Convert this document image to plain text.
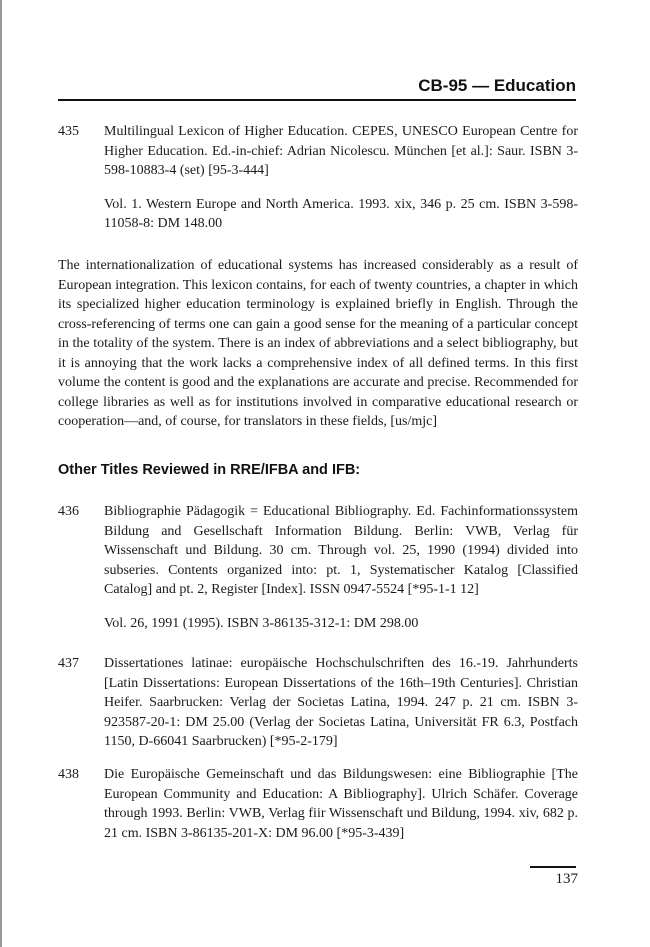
CB-95 — Education
435 Multilingual Lexicon of Higher Education. CEPES, UNESCO European Centre for Higher Education. Ed.-in-chief: Adrian Nicolescu. München [et al.]: Saur. ISBN 3-598-10883-4 (set) [95-3-444]
Vol. 1. Western Europe and North America. 1993. xix, 346 p. 25 cm. ISBN 3-598-11058-8: DM 148.00
The internationalization of educational systems has increased considerably as a result of European integration. This lexicon contains, for each of twenty countries, a chapter in which its specialized higher education terminology is explained briefly in English. Through the cross-referencing of terms one can gain a good sense for the meaning of a particular concept in the totality of the system. There is an index of abbreviations and a select bibliography, but it is annoying that the work lacks a comprehensive index of all defined terms. In this first volume the content is good and the explanations are accurate and precise. Recommended for college libraries as well as for institutions involved in comparative educational research or cooperation—and, of course, for translators in these fields, [us/mjc]
Other Titles Reviewed in RRE/IFBA and IFB:
436 Bibliographie Pädagogik = Educational Bibliography. Ed. Fachinformationssystem Bildung and Gesellschaft Information Bildung. Berlin: VWB, Verlag für Wissenschaft und Bildung. 30 cm. Through vol. 25, 1990 (1994) divided into subseries. Contents organized into: pt. 1, Systematischer Katalog [Classified Catalog] and pt. 2, Register [Index]. ISSN 0947-5524 [*95-1-1 12]
Vol. 26, 1991 (1995). ISBN 3-86135-312-1: DM 298.00
437 Dissertationes latinae: europäische Hochschulschriften des 16.-19. Jahrhunderts [Latin Dissertations: European Dissertations of the 16th–19th Centuries]. Christian Heifer. Saarbrucken: Verlag der Societas Latina, 1994. 247 p. 21 cm. ISBN 3-923587-20-1: DM 25.00 (Verlag der Societas Latina, Universität FR 6.3, Postfach 1150, D-66041 Saarbrucken) [*95-2-179]
438 Die Europäische Gemeinschaft und das Bildungswesen: eine Bibliographie [The European Community and Education: A Bibliography]. Ulrich Schäfer. Coverage through 1993. Berlin: VWB, Verlag fiir Wissenschaft und Bildung, 1994. xiv, 682 p. 21 cm. ISBN 3-86135-201-X: DM 96.00 [*95-3-439]
137
